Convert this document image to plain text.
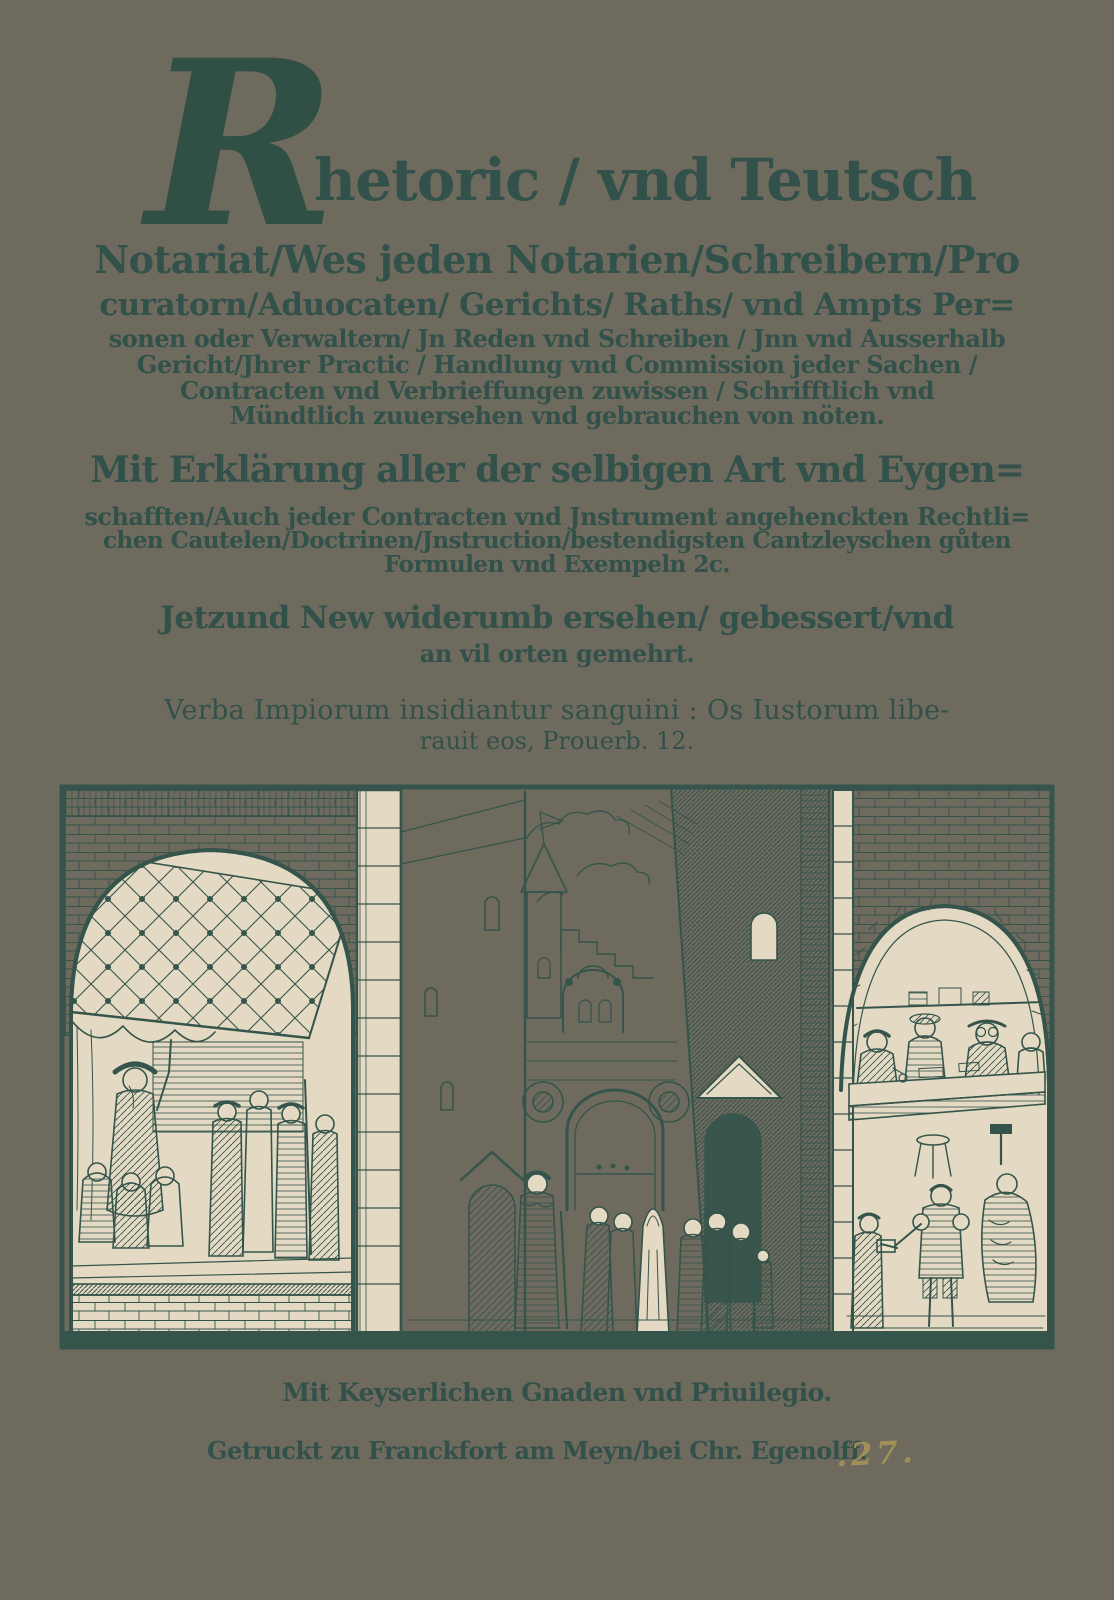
R
hetoric / vnd Teutsch
Notariat/Wes jeden Notarien/Schreibern/Pro
curatorn/Aduocaten/ Gerichts/ Raths/ vnd Ampts Per=
sonen oder Verwaltern/ Jn Reden vnd Schreiben / Jnn vnd Ausserhalb
Gericht/Jhrer Practic / Handlung vnd Commission jeder Sachen /
Contracten vnd Verbrieffungen zuwissen / Schrifftlich vnd
Mündtlich zuuersehen vnd gebrauchen von nöten.
Mit Erklärung aller der selbigen Art vnd Eygen=
schafften/Auch jeder Contracten vnd Jnstrument angehenckten Rechtli=
chen Cautelen/Doctrinen/Jnstruction/bestendigsten Cantzleyschen gůten
Formulen vnd Exempeln 2c.
Jetzund New widerumb ersehen/ gebessert/vnd
an vil orten gemehrt.
Verba Impiorum insidiantur sanguini : Os Iustorum libe-
rauit eos, Prouerb. 12.
Mit Keyserlichen Gnaden vnd Priuilegio.
Getruckt zu Franckfort am Meyn/bei Chr. Egenolff.
.27.
